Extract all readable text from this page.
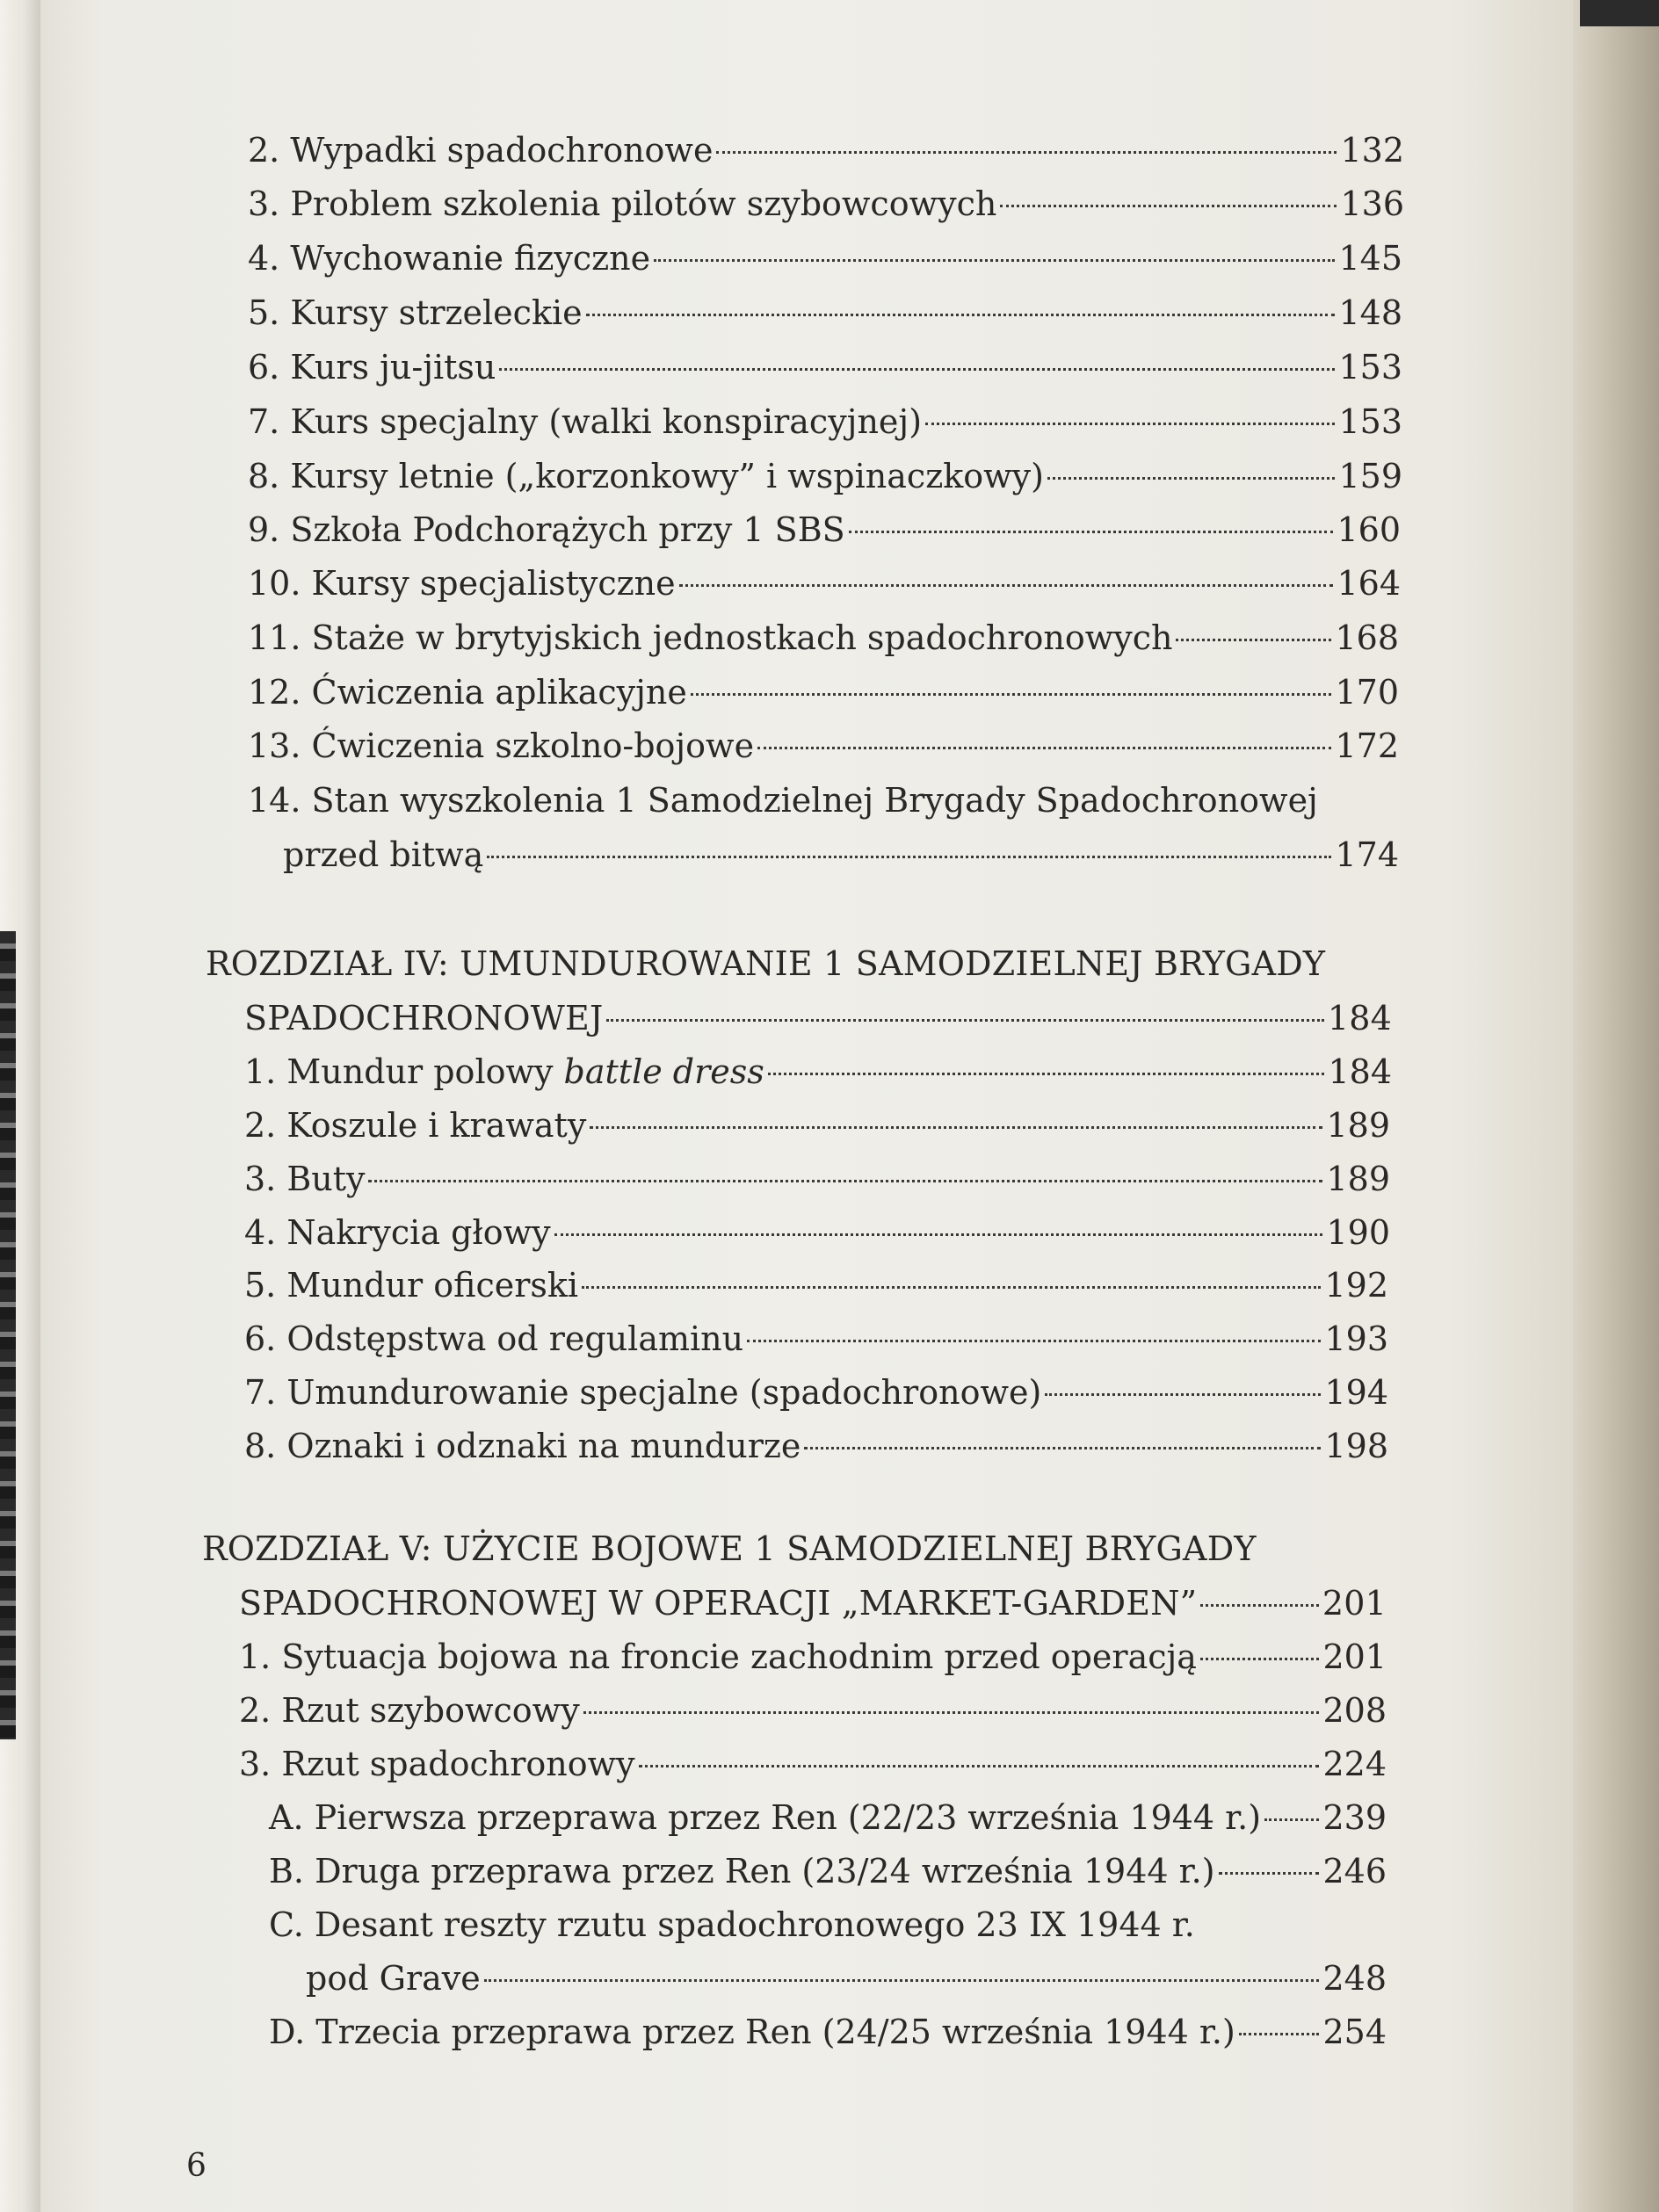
2. Wypadki spadochronowe	132
3. Problem szkolenia pilotów szybowcowych	136
4. Wychowanie fizyczne	145
5. Kursy strzeleckie	148
6. Kurs ju-jitsu	153
7. Kurs specjalny (walki konspiracyjnej)	153
8. Kursy letnie („korzonkowy” i wspinaczkowy)	159
9. Szkoła Podchorążych przy 1 SBS	160
10. Kursy specjalistyczne	164
11. Staże w brytyjskich jednostkach spadochronowych	168
12. Ćwiczenia aplikacyjne	170
13. Ćwiczenia szkolno-bojowe	172
14. Stan wyszkolenia 1 Samodzielnej Brygady Spadochronowej
przed bitwą	174
ROZDZIAŁ IV: UMUNDUROWANIE 1 SAMODZIELNEJ BRYGADY
SPADOCHRONOWEJ	184
1. Mundur polowy battle dress	184
2. Koszule i krawaty	189
3. Buty	189
4. Nakrycia głowy	190
5. Mundur oficerski	192
6. Odstępstwa od regulaminu	193
7. Umundurowanie specjalne (spadochronowe)	194
8. Oznaki i odznaki na mundurze	198
ROZDZIAŁ V: UŻYCIE BOJOWE 1 SAMODZIELNEJ BRYGADY
SPADOCHRONOWEJ W OPERACJI „MARKET-GARDEN”	201
1. Sytuacja bojowa na froncie zachodnim przed operacją	201
2. Rzut szybowcowy	208
3. Rzut spadochronowy	224
A. Pierwsza przeprawa przez Ren (22/23 września 1944 r.) 239
B. Druga przeprawa przez Ren (23/24 września 1944 r.)	246
C. Desant reszty rzutu spadochronowego 23 IX 1944 r.
pod Grave	248
D. Trzecia przeprawa przez Ren (24/25 września 1944 r.)	254
6
